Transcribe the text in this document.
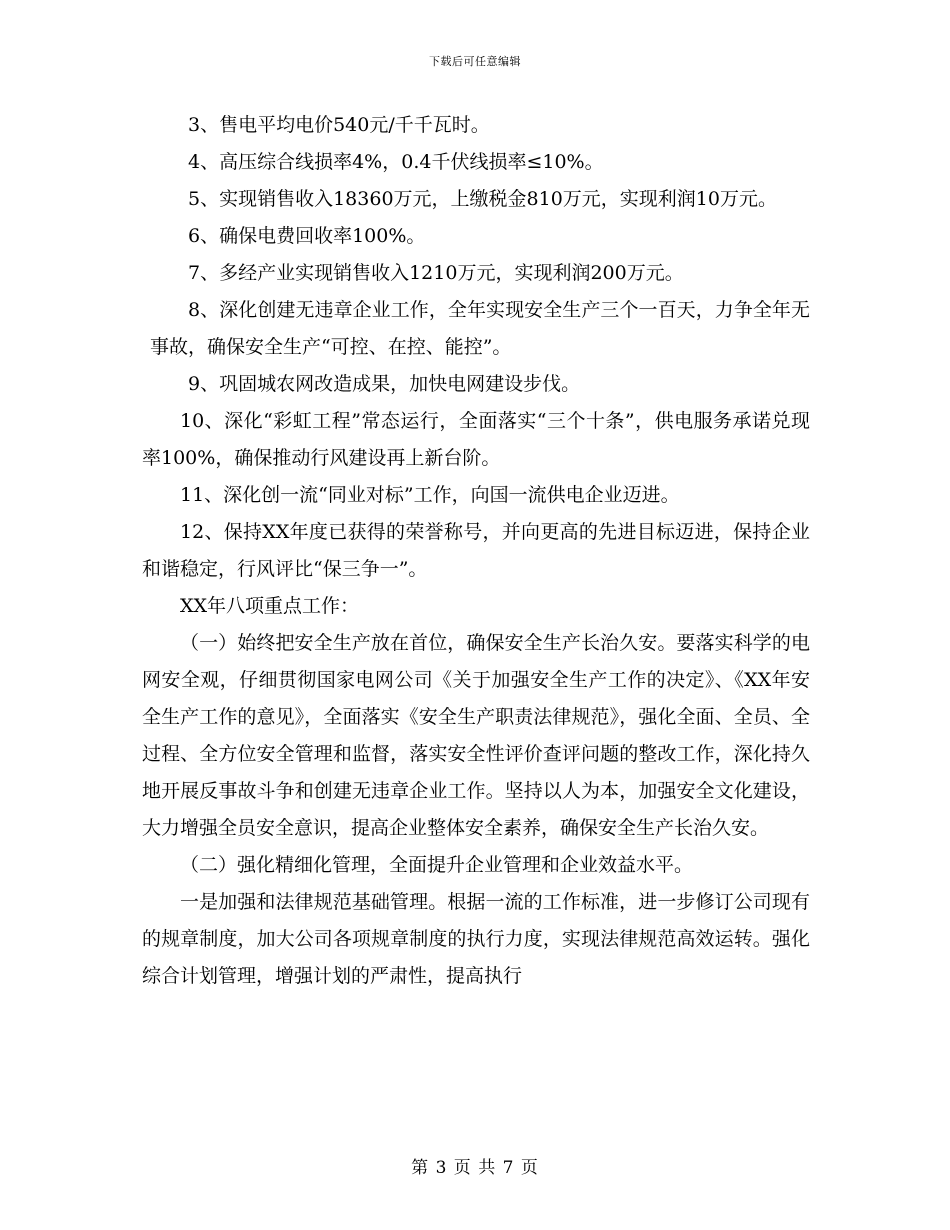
下载后可任意编辑

3、售电平均电价540元/千千瓦时。

4、高压综合线损率4%，0.4千伏线损率≤10%。

5、实现销售收入18360万元，上缴税金810万元，实现利润10万元。

6、确保电费回收率100%。

7、多经产业实现销售收入1210万元，实现利润200万元。

8、深化创建无违章企业工作，全年实现安全生产三个一百天，力争全年无事故，确保安全生产“可控、在控、能控”。

9、巩固城农网改造成果，加快电网建设步伐。

10、深化“彩虹工程”常态运行，全面落实“三个十条”，供电服务承诺兑现率100%，确保推动行风建设再上新台阶。

11、深化创一流“同业对标”工作，向国一流供电企业迈进。

12、保持XX年度已获得的荣誉称号，并向更高的先进目标迈进，保持企业和谐稳定，行风评比“保三争一”。

XX年八项重点工作：

（一）始终把安全生产放在首位，确保安全生产长治久安。要落实科学的电网安全观，仔细贯彻国家电网公司《关于加强安全生产工作的决定》、《XX年安全生产工作的意见》，全面落实《安全生产职责法律规范》，强化全面、全员、全过程、全方位安全管理和监督，落实安全性评价查评问题的整改工作，深化持久地开展反事故斗争和创建无违章企业工作。坚持以人为本，加强安全文化建设，大力增强全员安全意识，提高企业整体安全素养，确保安全生产长治久安。

（二）强化精细化管理，全面提升企业管理和企业效益水平。

一是加强和法律规范基础管理。根据一流的工作标准，进一步修订公司现有的规章制度，加大公司各项规章制度的执行力度，实现法律规范高效运转。强化综合计划管理，增强计划的严肃性，提高执行

第 3 页 共 7 页
